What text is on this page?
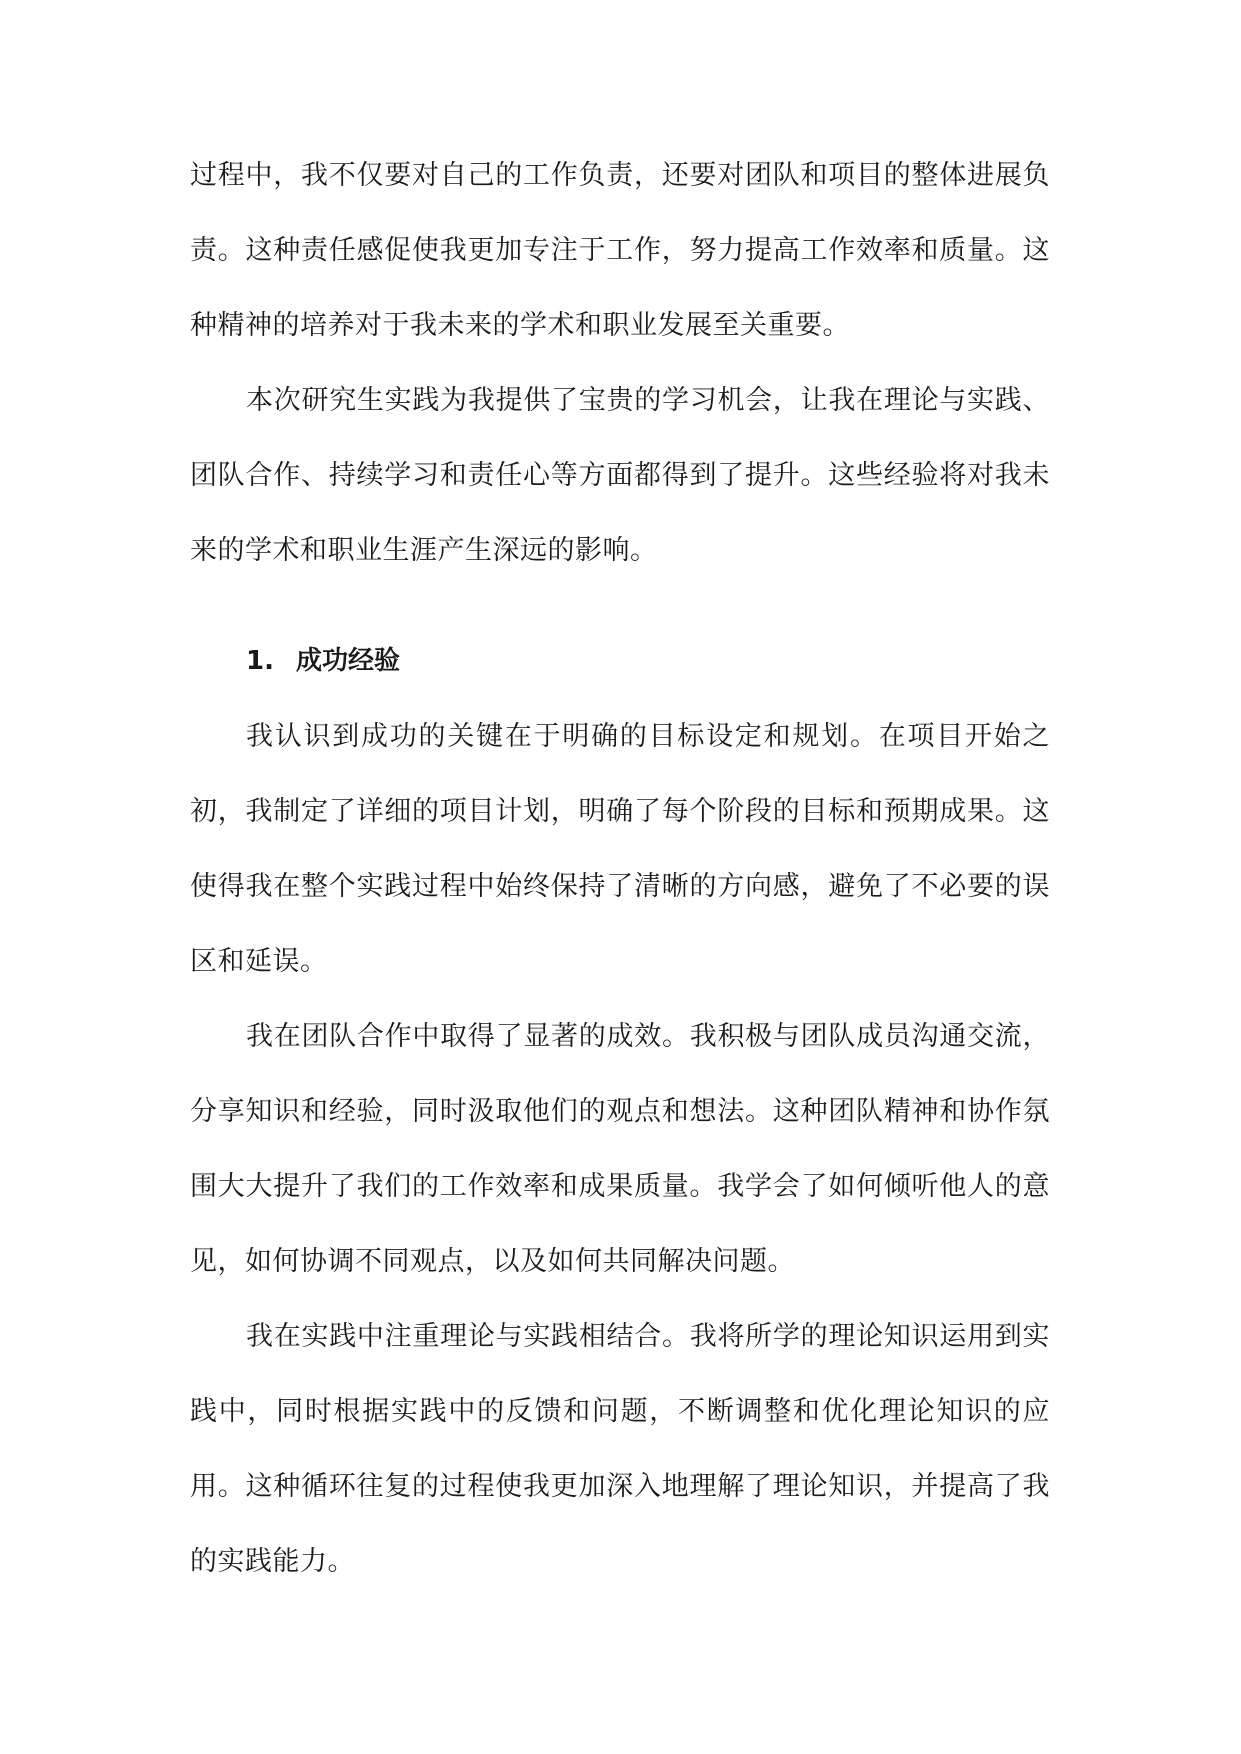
过程中，我不仅要对自己的工作负责，还要对团队和项目的整体进展负责。这种责任感促使我更加专注于工作，努力提高工作效率和质量。这种精神的培养对于我未来的学术和职业发展至关重要。

本次研究生实践为我提供了宝贵的学习机会，让我在理论与实践、团队合作、持续学习和责任心等方面都得到了提升。这些经验将对我未来的学术和职业生涯产生深远的影响。

1. 成功经验

我认识到成功的关键在于明确的目标设定和规划。在项目开始之初，我制定了详细的项目计划，明确了每个阶段的目标和预期成果。这使得我在整个实践过程中始终保持了清晰的方向感，避免了不必要的误区和延误。

我在团队合作中取得了显著的成效。我积极与团队成员沟通交流，分享知识和经验，同时汲取他们的观点和想法。这种团队精神和协作氛围大大提升了我们的工作效率和成果质量。我学会了如何倾听他人的意见，如何协调不同观点，以及如何共同解决问题。

我在实践中注重理论与实践相结合。我将所学的理论知识运用到实践中，同时根据实践中的反馈和问题，不断调整和优化理论知识的应用。这种循环往复的过程使我更加深入地理解了理论知识，并提高了我的实践能力。
